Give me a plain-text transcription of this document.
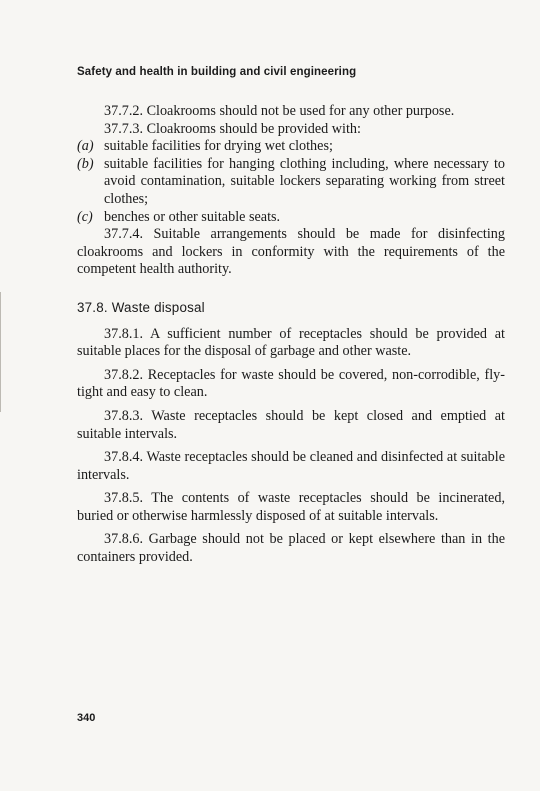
Safety and health in building and civil engineering

37.7.2. Cloakrooms should not be used for any other purpose.

37.7.3. Cloakrooms should be provided with:

(a) suitable facilities for drying wet clothes;
(b) suitable facilities for hanging clothing including, where necessary to avoid contamination, suitable lockers separating working from street clothes;
(c) benches or other suitable seats.

37.7.4. Suitable arrangements should be made for disinfecting cloakrooms and lockers in conformity with the requirements of the competent health authority.

37.8. Waste disposal

37.8.1. A sufficient number of receptacles should be provided at suitable places for the disposal of garbage and other waste.

37.8.2. Receptacles for waste should be covered, non-corrodible, fly-tight and easy to clean.

37.8.3. Waste receptacles should be kept closed and emptied at suitable intervals.

37.8.4. Waste receptacles should be cleaned and disinfected at suitable intervals.

37.8.5. The contents of waste receptacles should be incinerated, buried or otherwise harmlessly disposed of at suitable intervals.

37.8.6. Garbage should not be placed or kept elsewhere than in the containers provided.

340
